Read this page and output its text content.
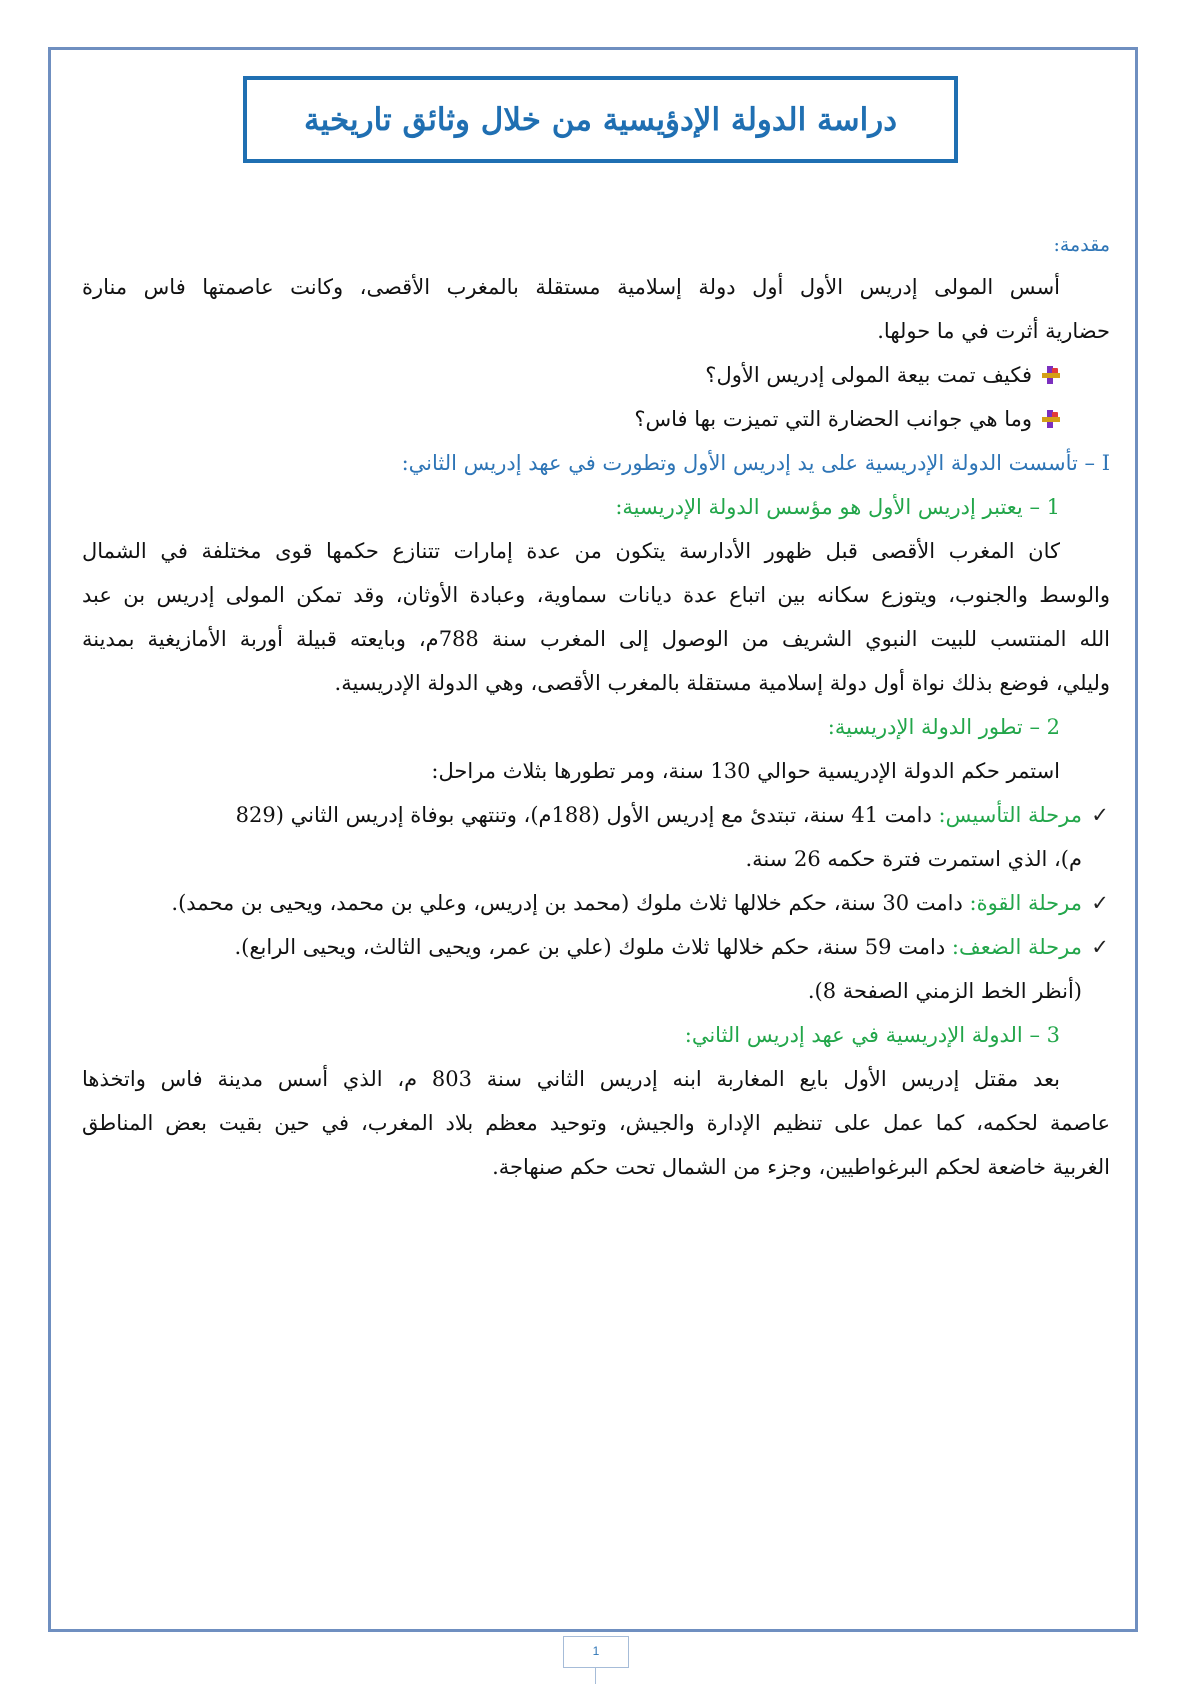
دراسة الدولة الإدؤيسية من خلال وثائق تاريخية

مقدمة:

أسس المولى إدريس الأول أول دولة إسلامية مستقلة بالمغرب الأقصى، وكانت عاصمتها فاس منارة

حضارية أثرت في ما حولها.

فكيف تمت بيعة المولى إدريس الأول؟
وما هي جوانب الحضارة التي تميزت بها فاس؟

I – تأسست الدولة الإدريسية على يد إدريس الأول وتطورت في عهد إدريس الثاني:

1 – يعتبر إدريس الأول هو مؤسس الدولة الإدريسية:

كان المغرب الأقصى قبل ظهور الأدارسة يتكون من عدة إمارات تتنازع حكمها قوى مختلفة في الشمال

والوسط والجنوب، ويتوزع سكانه بين اتباع عدة ديانات سماوية، وعبادة الأوثان، وقد تمكن المولى إدريس بن عبد

الله المنتسب للبيت النبوي الشريف من الوصول إلى المغرب سنة 788م، وبايعته قبيلة أوربة الأمازيغية بمدينة

وليلي، فوضع بذلك نواة أول دولة إسلامية مستقلة بالمغرب الأقصى، وهي الدولة الإدريسية.

2 – تطور الدولة الإدريسية:

استمر حكم الدولة الإدريسية حوالي 130 سنة، ومر تطورها بثلاث مراحل:

✓
مرحلة التأسيس: دامت 41 سنة، تبتدئ مع إدريس الأول (188م)، وتنتهي بوفاة إدريس الثاني (829

م)، الذي استمرت فترة حكمه 26 سنة.

✓
مرحلة القوة: دامت 30 سنة، حكم خلالها ثلاث ملوك (محمد بن إدريس، وعلي بن محمد، ويحيى بن محمد).
✓
مرحلة الضعف: دامت 59 سنة، حكم خلالها ثلاث ملوك (علي بن عمر، ويحيى الثالث، ويحيى الرابع).

(أنظر الخط الزمني الصفحة 8).

3 – الدولة الإدريسية في عهد إدريس الثاني:

بعد مقتل إدريس الأول بايع المغاربة ابنه إدريس الثاني سنة 803 م، الذي أسس مدينة فاس واتخذها

عاصمة لحكمه، كما عمل على تنظيم الإدارة والجيش، وتوحيد معظم بلاد المغرب، في حين بقيت بعض المناطق

الغربية خاضعة لحكم البرغواطيين، وجزء من الشمال تحت حكم صنهاجة.

1
